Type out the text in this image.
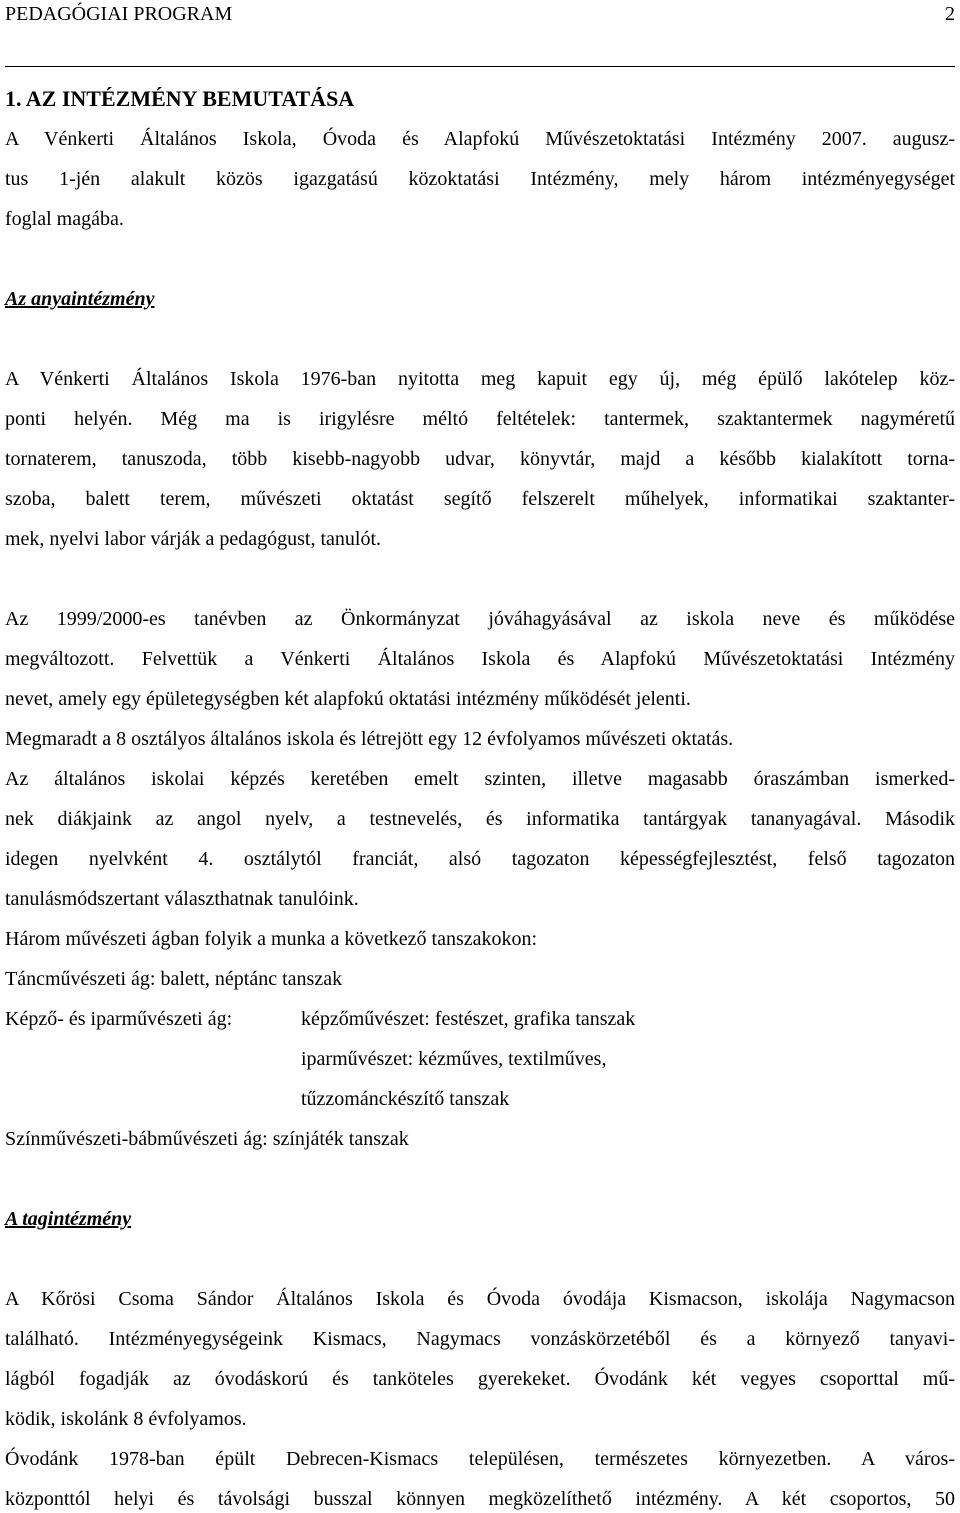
PEDAGÓGIAI PROGRAM	2
1. AZ INTÉZMÉNY BEMUTATÁSA
A Vénkerti Általános Iskola, Óvoda és Alapfokú Művészetoktatási Intézmény 2007. augusz-
tus 1-jén alakult közös igazgatású közoktatási Intézmény, mely három intézményegységet
foglal magába.
Az anyaintézmény
A Vénkerti Általános Iskola 1976-ban nyitotta meg kapuit egy új, még épülő lakótelep köz-
ponti helyén. Még ma is irigylésre méltó feltételek: tantermek, szaktantermek nagyméretű
tornaterem, tanuszoda, több kisebb-nagyobb udvar, könyvtár, majd a később kialakított torna-
szoba, balett terem, művészeti oktatást segítő felszerelt műhelyek, informatikai szaktanter-
mek, nyelvi labor várják a pedagógust, tanulót.
Az 1999/2000-es tanévben az Önkormányzat jóváhagyásával az iskola neve és működése
megváltozott. Felvettük a Vénkerti Általános Iskola és Alapfokú Művészetoktatási Intézmény
nevet, amely egy épületegységben két alapfokú oktatási intézmény működését jelenti.
Megmaradt a 8 osztályos általános iskola és létrejött egy 12 évfolyamos művészeti oktatás.
Az általános iskolai képzés keretében emelt szinten, illetve magasabb óraszámban ismerked-
nek diákjaink az angol nyelv, a testnevelés, és informatika tantárgyak tananyagával. Második
idegen nyelvként 4. osztálytól franciát, alsó tagozaton képességfejlesztést, felső tagozaton
tanulásmódszertant választhatnak tanulóink.
Három művészeti ágban folyik a munka a következő tanszakokon:
Táncművészeti ág: balett, néptánc tanszak
Képző- és iparművészeti ág:	képzőművészet: festészet, grafika tanszak
iparművészet: kézműves, textilműves,
tűzzománckészítő tanszak
Színművészeti-bábművészeti ág: színjáték tanszak
A tagintézmény
A Kőrösi Csoma Sándor Általános Iskola és Óvoda óvodája Kismacson, iskolája Nagymacson
található. Intézményegységeink Kismacs, Nagymacs vonzáskörzetéből és a környező tanyavi-
lágból fogadják az óvodáskorú és tanköteles gyerekeket. Óvodánk két vegyes csoporttal mű-
ködik, iskolánk 8 évfolyamos.
Óvodánk 1978-ban épült Debrecen-Kismacs településen, természetes környezetben. A város-
központtól helyi és távolsági busszal könnyen megközelíthető intézmény. A két csoportos, 50
